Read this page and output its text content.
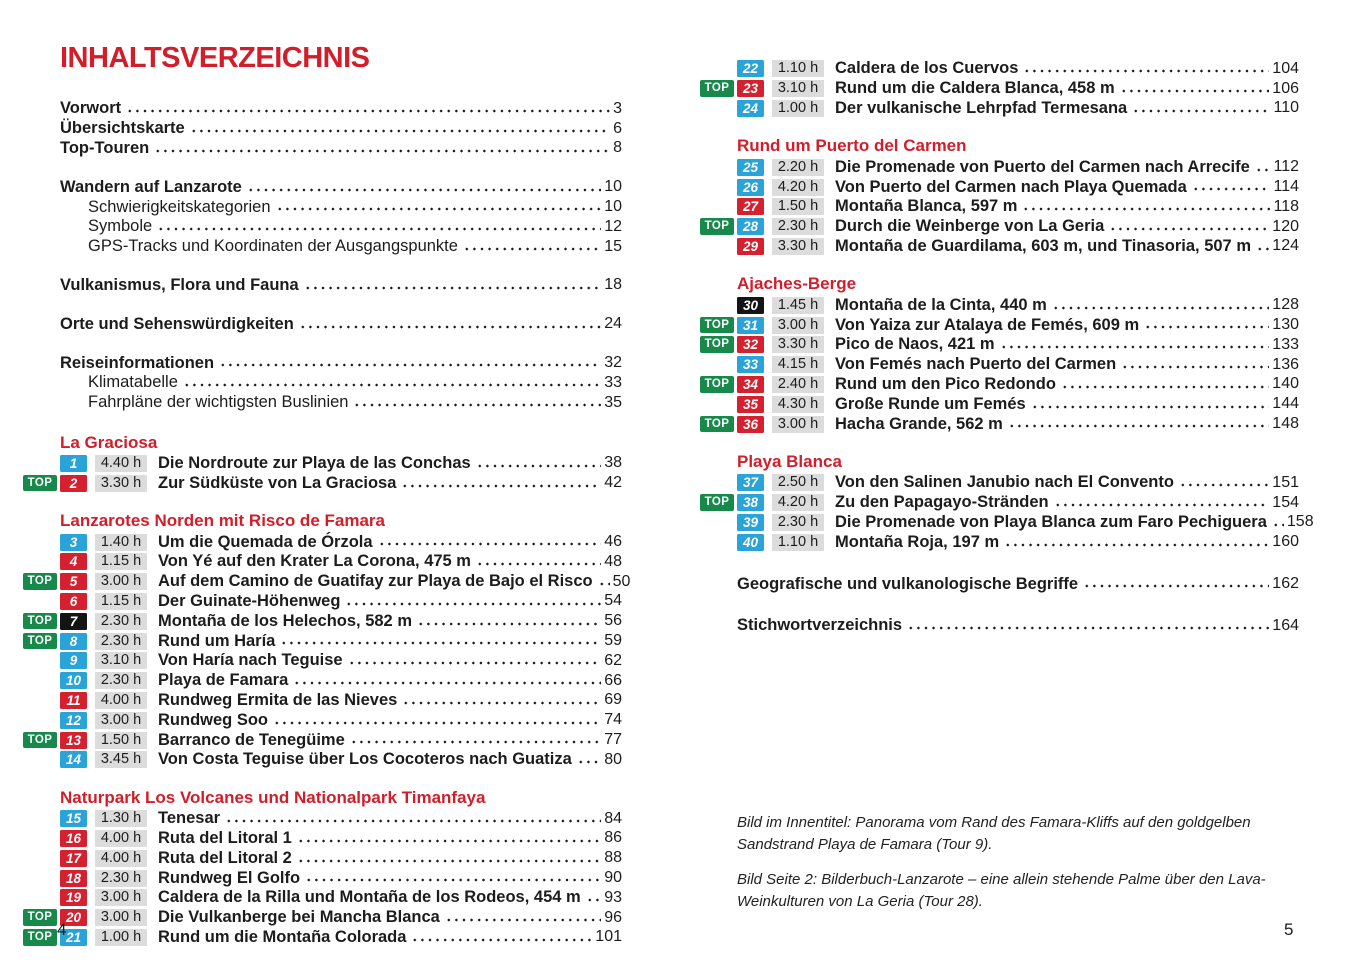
INHALTSVERZEICHNIS
Vorwort	3
Übersichtskarte	6
Top-Touren	8
Wandern auf Lanzarote	10
Schwierigkeitskategorien	10
Symbole	12
GPS-Tracks und Koordinaten der Ausgangspunkte	15
Vulkanismus, Flora und Fauna	18
Orte und Sehenswürdigkeiten	24
Reiseinformationen	32
Klimatabelle	33
Fahrpläne der wichtigsten Buslinien	35
La Graciosa
1	4.40 h	Die Nordroute zur Playa de las Conchas	38
TOP	2	3.30 h	Zur Südküste von La Graciosa	42
Lanzarotes Norden mit Risco de Famara
3	1.40 h	Um die Quemada de Órzola	46
4	1.15 h	Von Yé auf den Krater La Corona, 475 m	48
TOP	5	3.00 h	Auf dem Camino de Guatifay zur Playa de Bajo el Risco 50
6	1.15 h	Der Guinate-Höhenweg	54
TOP	7	2.30 h	Montaña de los Helechos, 582 m	56
TOP	8	2.30 h	Rund um Haría	59
9	3.10 h	Von Haría nach Teguise	62
10	2.30 h	Playa de Famara	66
11	4.00 h	Rundweg Ermita de las Nieves	69
12	3.00 h	Rundweg Soo	74
TOP	13	1.50 h	Barranco de Tenegüime	77
14	3.45 h	Von Costa Teguise über Los Cocoteros nach Guatiza 80
Naturpark Los Volcanes und Nationalpark Timanfaya
15	1.30 h	Tenesar	84
16	4.00 h	Ruta del Litoral 1	86
17	4.00 h	Ruta del Litoral 2	88
18	2.30 h	Rundweg El Golfo	90
19	3.00 h	Caldera de la Rilla und Montaña de los Rodeos, 454 m 93
TOP	20	3.00 h	Die Vulkanberge bei Mancha Blanca	96
TOP	21	1.00 h	Rund um die Montaña Colorada	101
22	1.10 h	Caldera de los Cuervos	104
TOP	23	3.10 h	Rund um die Caldera Blanca, 458 m	106
24	1.00 h	Der vulkanische Lehrpfad Termesana	110
Rund um Puerto del Carmen
25	2.20 h	Die Promenade von Puerto del Carmen nach Arrecife 112
26	4.20 h	Von Puerto del Carmen nach Playa Quemada	114
27	1.50 h	Montaña Blanca, 597 m	118
TOP	28	2.30 h	Durch die Weinberge von La Geria	120
29	3.30 h	Montaña de Guardilama, 603 m, und Tinasoria, 507 m 124
Ajaches-Berge
30	1.45 h	Montaña de la Cinta, 440 m	128
TOP	31	3.00 h	Von Yaiza zur Atalaya de Femés, 609 m	130
TOP	32	3.30 h	Pico de Naos, 421 m	133
33	4.15 h	Von Femés nach Puerto del Carmen	136
TOP	34	2.40 h	Rund um den Pico Redondo	140
35	4.30 h	Große Runde um Femés	144
TOP	36	3.00 h	Hacha Grande, 562 m	148
Playa Blanca
37	2.50 h	Von den Salinen Janubio nach El Convento	151
TOP	38	4.20 h	Zu den Papagayo-Stränden	154
39	2.30 h	Die Promenade von Playa Blanca zum Faro Pechiguera 158
40	1.10 h	Montaña Roja, 197 m	160
Geografische und vulkanologische Begriffe	162
Stichwortverzeichnis	164

Bild im Innentitel: Panorama vom Rand des Famara-Kliffs auf den goldgelben Sandstrand Playa de Famara (Tour 9).

Bild Seite 2: Bilderbuch-Lanzarote – eine allein stehende Palme über den Lava-Weinkulturen von La Geria (Tour 28).

4	5
